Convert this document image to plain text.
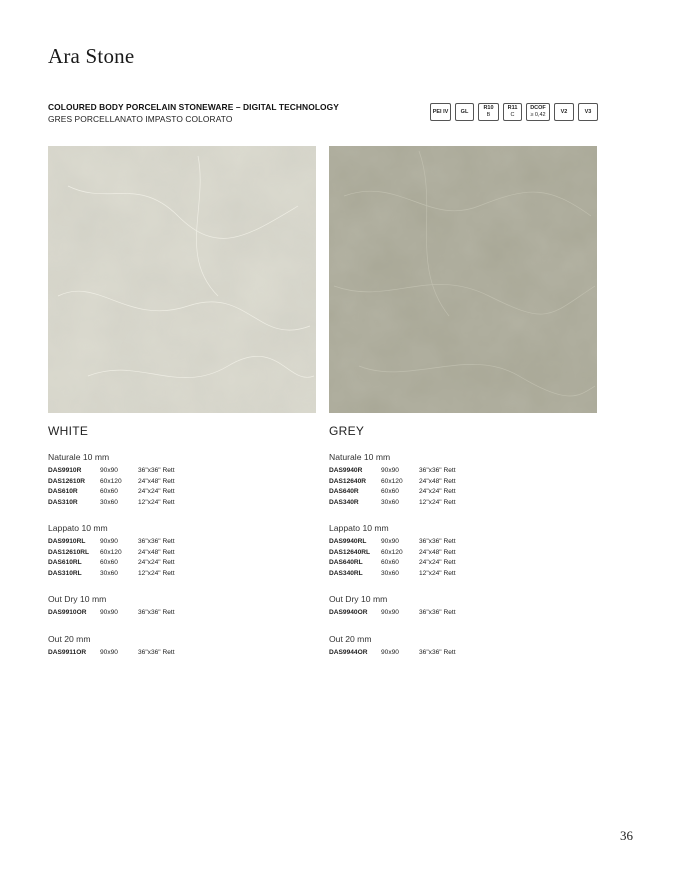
Ara Stone
COLOURED BODY PORCELAIN STONEWARE – DIGITAL TECHNOLOGY
GRES PORCELLANATO IMPASTO COLORATO
PEI IV GL
R10
B
R11
C
DCOF
≥ 0,42
V2	V3
WHITE
Naturale 10 mm
DAS9910R	90x90	36"x36" Rett
DAS12610R 60x120 24"x48" Rett
DAS610R	60x60	24"x24" Rett
DAS310R	30x60	12"x24" Rett
Lappato 10 mm
DAS9910RL 90x90	36"x36" Rett
DAS12610RL 60x120 24"x48" Rett
DAS610RL	60x60	24"x24" Rett
DAS310RL	30x60	12"x24" Rett
Out Dry 10 mm
DAS9910OR 90x90	36"x36" Rett
Out 20 mm
DAS9911OR 90x90	36"x36" Rett
GREY
Naturale 10 mm
DAS9940R	90x90	36"x36" Rett
DAS12640R 60x120 24"x48" Rett
DAS640R	60x60	24"x24" Rett
DAS340R	30x60	12"x24" Rett
Lappato 10 mm
DAS9940RL 90x90	36"x36" Rett
DAS12640RL 60x120 24"x48" Rett
DAS640RL	60x60	24"x24" Rett
DAS340RL	30x60	12"x24" Rett
Out Dry 10 mm
DAS9940OR 90x90	36"x36" Rett
Out 20 mm
DAS9944OR 90x90	36"x36" Rett
36
